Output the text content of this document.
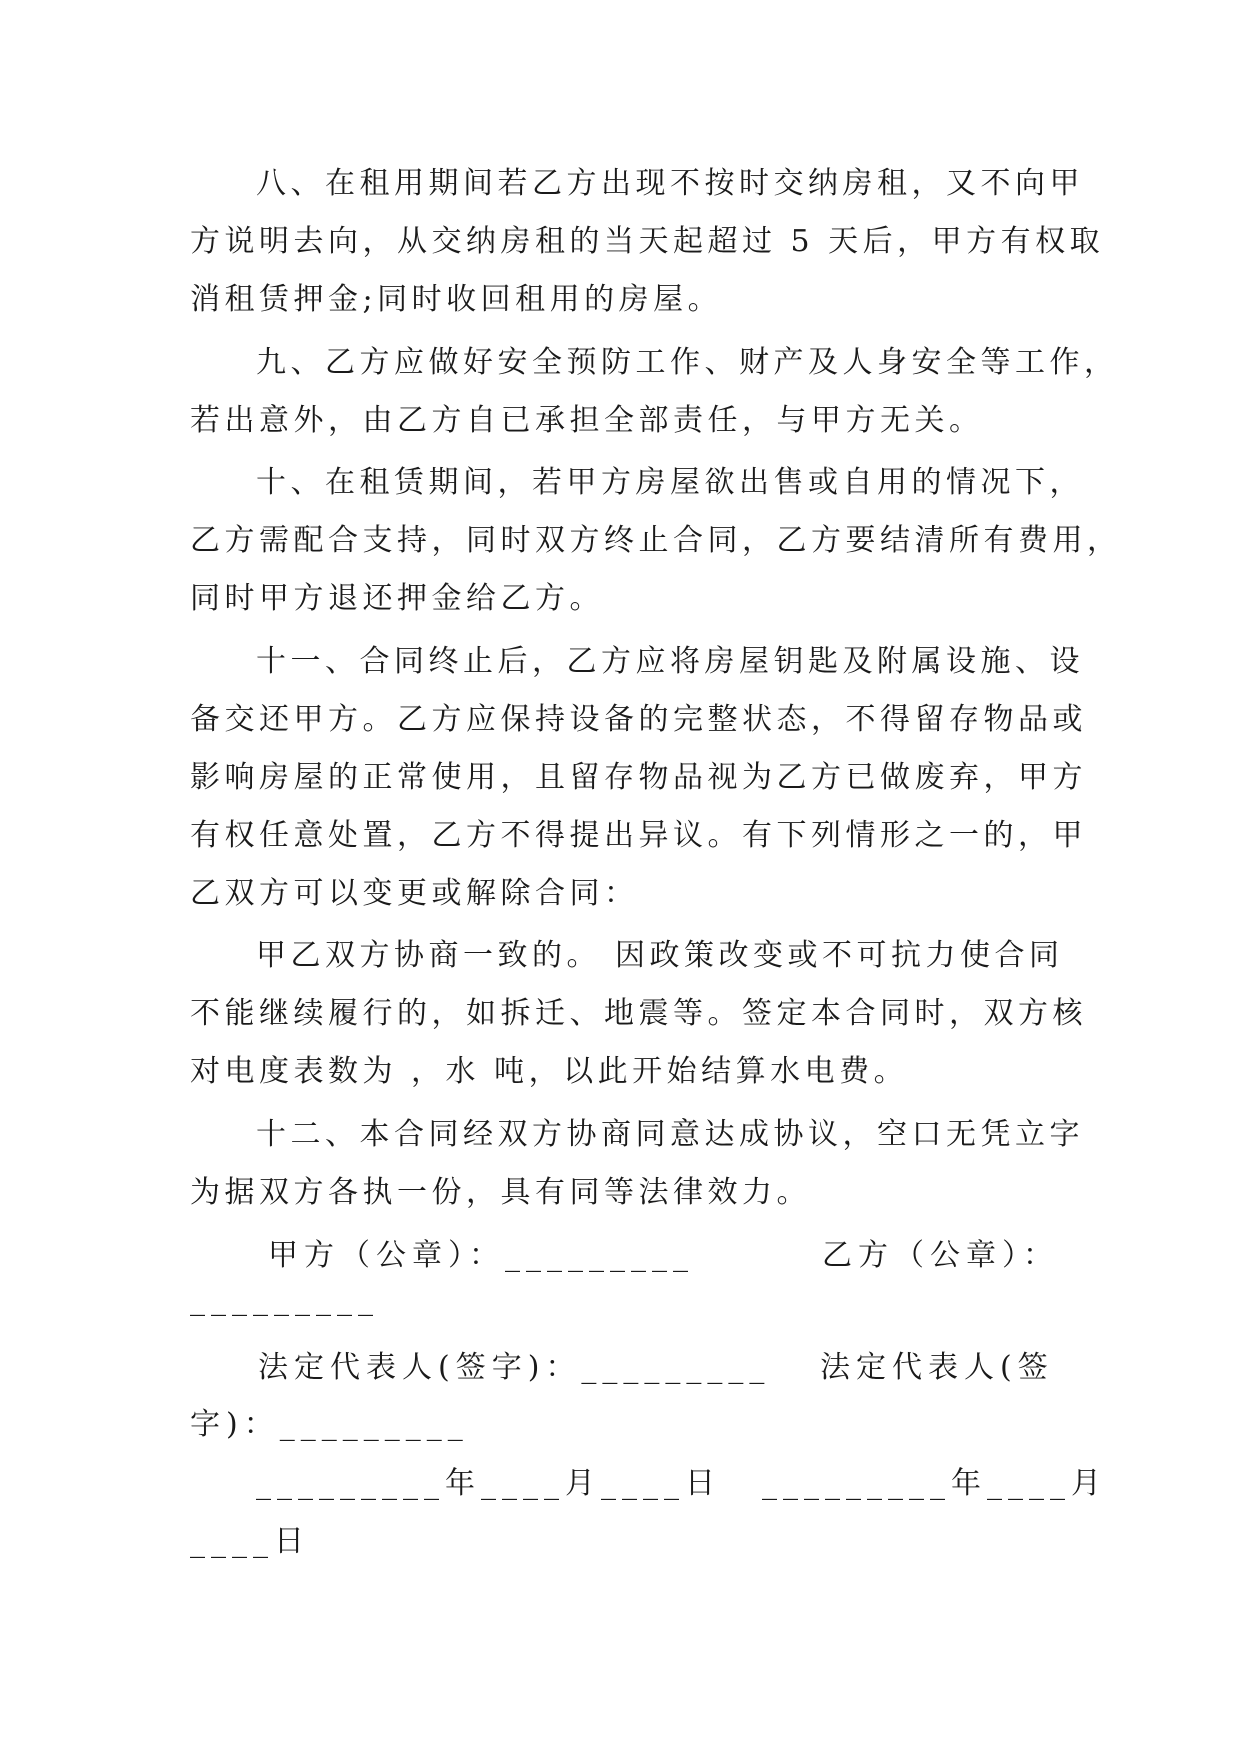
八、在租用期间若乙方出现不按时交纳房租，又不向甲
方说明去向，从交纳房租的当天起超过 5 天后，甲方有权取
消租赁押金;同时收回租用的房屋。
九、乙方应做好安全预防工作、财产及人身安全等工作，
若出意外，由乙方自已承担全部责任，与甲方无关。
十、在租赁期间，若甲方房屋欲出售或自用的情况下，
乙方需配合支持，同时双方终止合同，乙方要结清所有费用，
同时甲方退还押金给乙方。
十一、合同终止后，乙方应将房屋钥匙及附属设施、设
备交还甲方。乙方应保持设备的完整状态，不得留存物品或
影响房屋的正常使用，且留存物品视为乙方已做废弃，甲方
有权任意处置，乙方不得提出异议。有下列情形之一的，甲
乙双方可以变更或解除合同：
甲乙双方协商一致的。 因政策改变或不可抗力使合同
不能继续履行的，如拆迁、地震等。签定本合同时，双方核
对电度表数为 ，水 吨，以此开始结算水电费。
十二、本合同经双方协商同意达成协议，空口无凭立字
为据双方各执一份，具有同等法律效力。
甲方（公章）：_________	乙方（公章）：
_________
法定代表人(签字)：_________ 法定代表人(签
字)：_________
_________年____月____日 _________年____月
____日
